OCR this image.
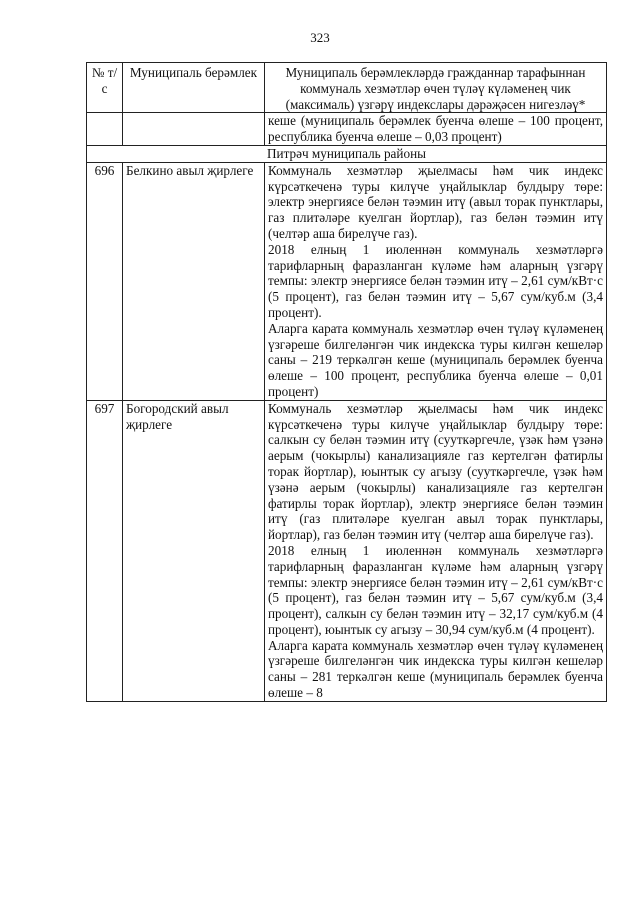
323
№ т/с	Муниципаль берәмлек	Муниципаль берәмлекләрдә гражданнар тарафыннан коммуналь хезмәтләр өчен түләү күләменең чик (максималь) үзгәрү индекслары дәрәҗәсен нигезләү*

		кеше (муниципаль берәмлек буенча өлеше – 100 процент, республика буенча өлеше – 0,03 процент)

Питрәч муниципаль районы		
696	Белкино авыл җирлеге	Коммуналь хезмәтләр җыелмасы һәм чик индекс күрсәткеченә туры килүче уңайлыклар булдыру төре: электр энергиясе белән тәэмин итү (авыл торак пунктлары, газ плитәләре куелган йортлар), газ белән тәэмин итү (челтәр аша бирелүче газ).

2018 елның 1 июленнән коммуналь хезмәтләргә тарифларның фаразланган күләме һәм аларның үзгәрү темпы: электр энергиясе белән тәэмин итү – 2,61 сум/кВт·с (5 процент), газ белән тәэмин итү – 5,67 сум/куб.м (3,4 процент).

Аларга карата коммуналь хезмәтләр өчен түләү күләменең үзгәреше билгеләнгән чик индекска туры килгән кешеләр саны – 219 теркәлгән кеше (муниципаль берәмлек буенча өлеше – 100 процент, республика буенча өлеше – 0,01 процент)

697	Богородский авыл җирлеге	Коммуналь хезмәтләр җыелмасы һәм чик индекс күрсәткеченә туры килүче уңайлыклар булдыру төре: салкын су белән тәэмин итү (сууткәргечле, үзәк һәм үзәнә аерым (чокырлы) канализацияле газ кертелгән фатирлы торак йортлар), юынтык су агызу (сууткәргечле, үзәк һәм үзәнә аерым (чокырлы) канализацияле газ кертелгән фатирлы торак йортлар), электр энергиясе белән тәэмин итү (газ плитәләре куелган авыл торак пунктлары, йортлар), газ белән тәэмин итү (челтәр аша бирелүче газ).

2018 елның 1 июленнән коммуналь хезмәтләргә тарифларның фаразланган күләме һәм аларның үзгәрү темпы: электр энергиясе белән тәэмин итү – 2,61 сум/кВт·с (5 процент), газ белән тәэмин итү – 5,67 сум/куб.м (3,4 процент), салкын су белән тәэмин итү – 32,17 сум/куб.м (4 процент), юынтык су агызу – 30,94 сум/куб.м (4 процент).

Аларга карата коммуналь хезмәтләр өчен түләү күләменең үзгәреше билгеләнгән чик индекска туры килгән кешеләр саны – 281 теркәлгән кеше (муниципаль берәмлек буенча өлеше – 8
